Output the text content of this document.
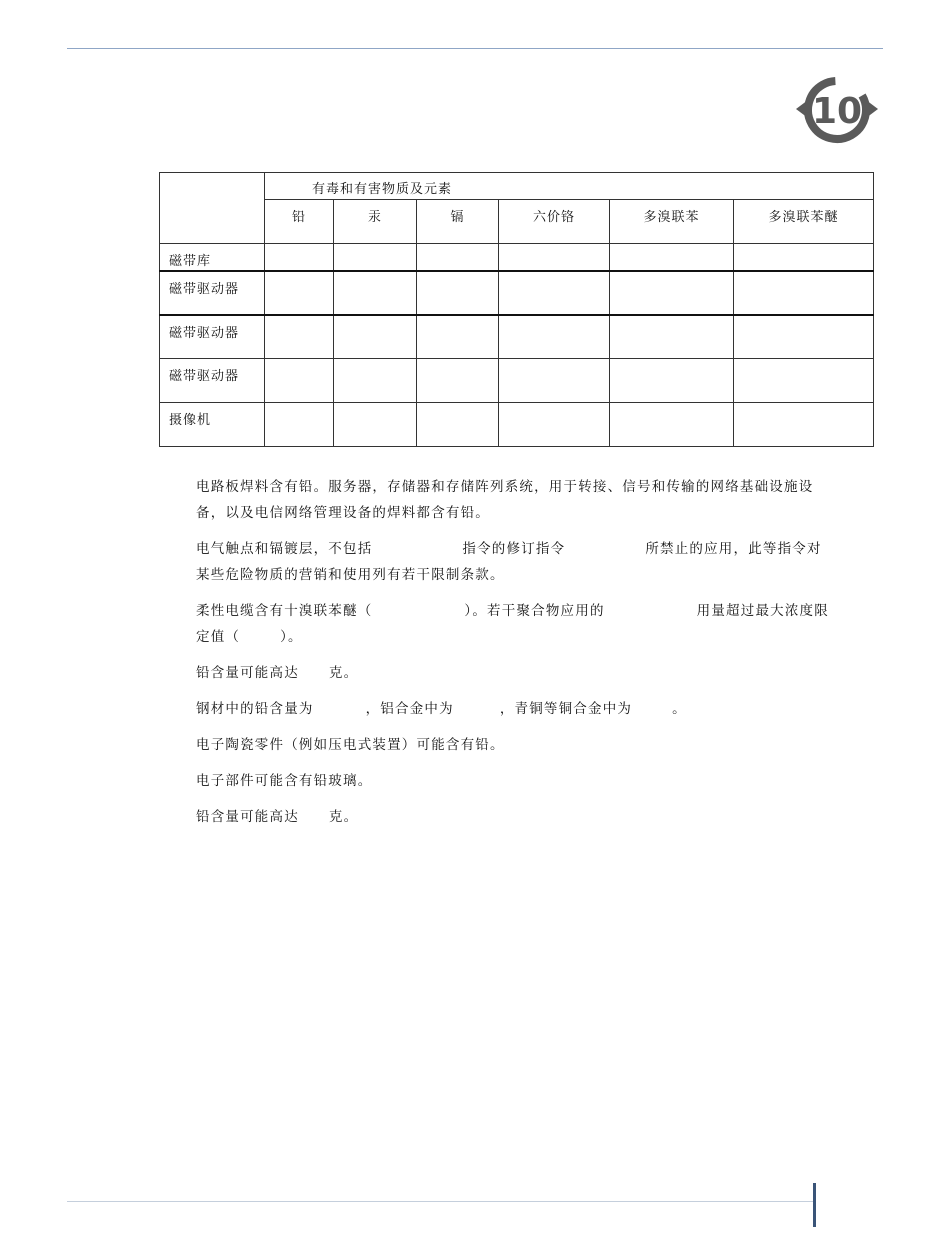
10
	有毒和有害物质及元素					
	铅	汞	镉	六价铬	多溴联苯	多溴联苯醚
磁带库						
磁带驱动器						
磁带驱动器						
磁带驱动器						
摄像机						

电路板焊料含有铅。服务器，存储器和存储阵列系统，用于转接、信号和传输的网络基础设施设备，以及电信网络管理设备的焊料都含有铅。

电气触点和镉镀层，不包括	指令的修订指令	所禁止的应用，此等指令对某些危险物质的营销和使用列有若干限制条款。

柔性电缆含有十溴联苯醚（	）。若干聚合物应用的	用量超过最大浓度限定值（	）。

铅含量可能高达 克。

钢材中的铅含量为	，铝合金中为	，青铜等铜合金中为	。

电子陶瓷零件（例如压电式装置）可能含有铅。

电子部件可能含有铅玻璃。

铅含量可能高达 克。
